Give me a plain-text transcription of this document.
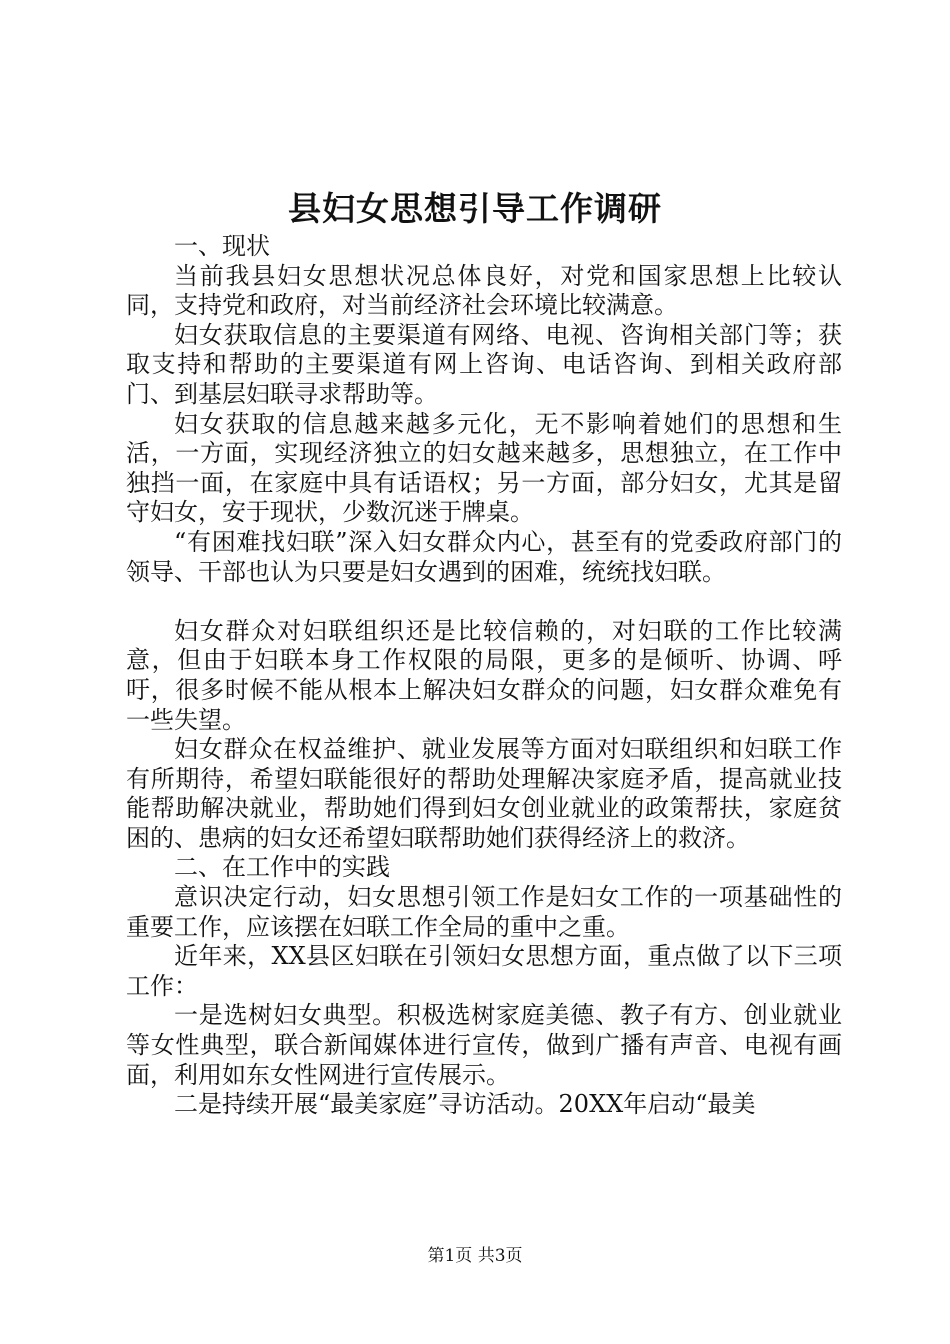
县妇女思想引导工作调研

一、现状

当前我县妇女思想状况总体良好，对党和国家思想上比较认同，支持党和政府，对当前经济社会环境比较满意。

妇女获取信息的主要渠道有网络、电视、咨询相关部门等；获取支持和帮助的主要渠道有网上咨询、电话咨询、到相关政府部门、到基层妇联寻求帮助等。

妇女获取的信息越来越多元化，无不影响着她们的思想和生活，一方面，实现经济独立的妇女越来越多，思想独立，在工作中独挡一面，在家庭中具有话语权；另一方面，部分妇女，尤其是留守妇女，安于现状，少数沉迷于牌桌。

“有困难找妇联”深入妇女群众内心，甚至有的党委政府部门的领导、干部也认为只要是妇女遇到的困难，统统找妇联。

妇女群众对妇联组织还是比较信赖的，对妇联的工作比较满意，但由于妇联本身工作权限的局限，更多的是倾听、协调、呼吁，很多时候不能从根本上解决妇女群众的问题，妇女群众难免有一些失望。

妇女群众在权益维护、就业发展等方面对妇联组织和妇联工作有所期待，希望妇联能很好的帮助处理解决家庭矛盾，提高就业技能帮助解决就业，帮助她们得到妇女创业就业的政策帮扶，家庭贫困的、患病的妇女还希望妇联帮助她们获得经济上的救济。

二、在工作中的实践

意识决定行动，妇女思想引领工作是妇女工作的一项基础性的重要工作，应该摆在妇联工作全局的重中之重。

近年来，XX县区妇联在引领妇女思想方面，重点做了以下三项工作：

一是选树妇女典型。积极选树家庭美德、教子有方、创业就业等女性典型，联合新闻媒体进行宣传，做到广播有声音、电视有画面，利用如东女性网进行宣传展示。

二是持续开展“最美家庭”寻访活动。20XX年启动“最美

第1页 共3页
